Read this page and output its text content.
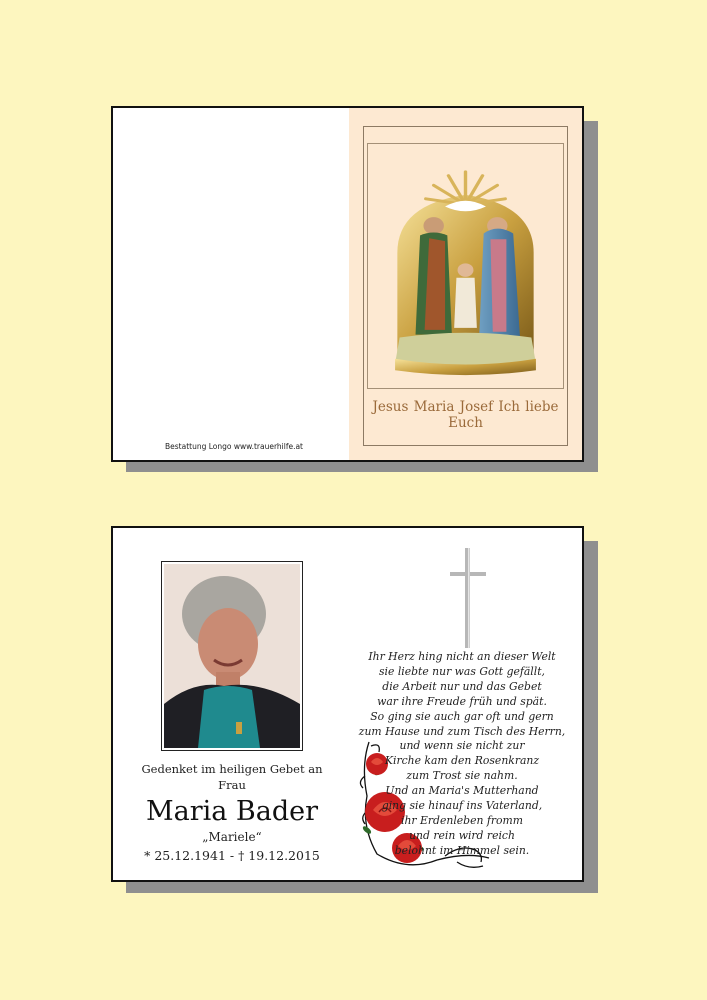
Bestattung Longo www.trauerhilfe.at
Jesus Maria Josef Ich liebe Euch
Gedenket im heiligen Gebet an
Frau
Maria Bader
„Mariele“
* 25.12.1941 - † 19.12.2015
Ihr Herz hing nicht an dieser Welt
sie liebte nur was Gott gefällt,
die Arbeit nur und das Gebet
war ihre Freude früh und spät.
So ging sie auch gar oft und gern
zum Hause und zum Tisch des Herrn,
und wenn sie nicht zur
Kirche kam den Rosenkranz
zum Trost sie nahm.
Und an Maria's Mutterhand
ging sie hinauf ins Vaterland,
ihr Erdenleben fromm
und rein wird reich
belohnt im Himmel sein.
